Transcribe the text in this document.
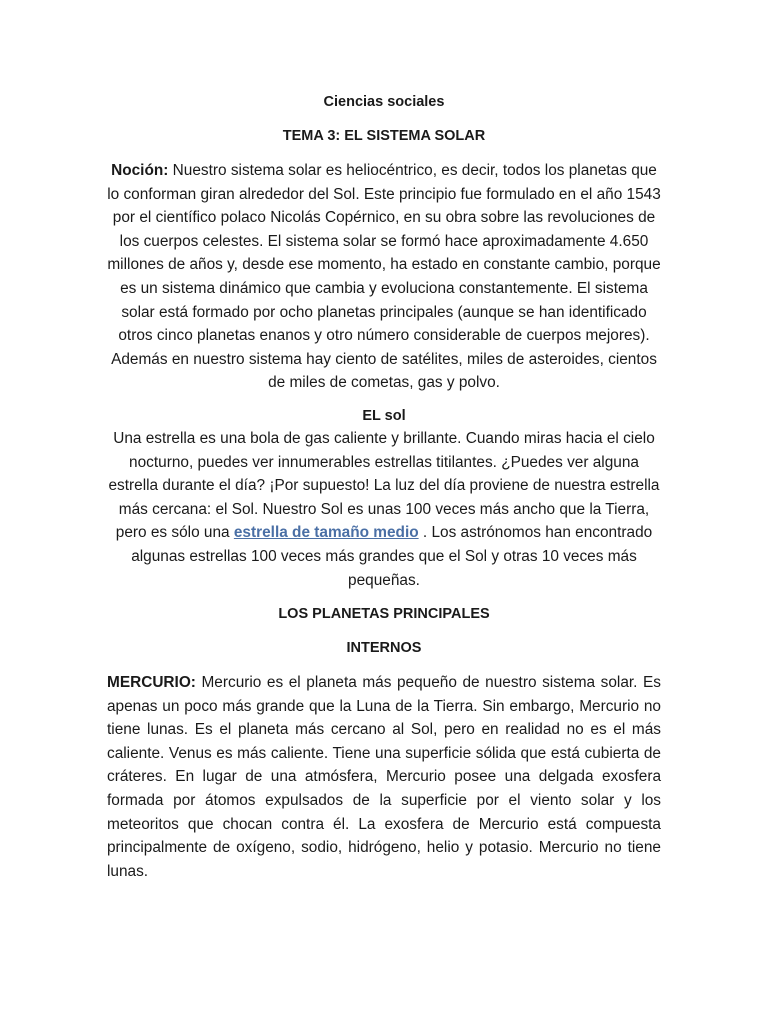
Ciencias sociales

TEMA 3: EL SISTEMA SOLAR

Noción: Nuestro sistema solar es heliocéntrico, es decir, todos los planetas que lo conforman giran alrededor del Sol. Este principio fue formulado en el año 1543 por el científico polaco Nicolás Copérnico, en su obra sobre las revoluciones de los cuerpos celestes. El sistema solar se formó hace aproximadamente 4.650 millones de años y, desde ese momento, ha estado en constante cambio, porque es un sistema dinámico que cambia y evoluciona constantemente. El sistema solar está formado por ocho planetas principales (aunque se han identificado otros cinco planetas enanos y otro número considerable de cuerpos mejores). Además en nuestro sistema hay ciento de satélites, miles de asteroides, cientos de miles de cometas, gas y polvo.

EL sol

Una estrella es una bola de gas caliente y brillante. Cuando miras hacia el cielo nocturno, puedes ver innumerables estrellas titilantes. ¿Puedes ver alguna estrella durante el día? ¡Por supuesto! La luz del día proviene de nuestra estrella más cercana: el Sol. Nuestro Sol es unas 100 veces más ancho que la Tierra, pero es sólo una estrella de tamaño medio . Los astrónomos han encontrado algunas estrellas 100 veces más grandes que el Sol y otras 10 veces más pequeñas.

LOS PLANETAS PRINCIPALES

INTERNOS

MERCURIO: Mercurio es el planeta más pequeño de nuestro sistema solar. Es apenas un poco más grande que la Luna de la Tierra. Sin embargo, Mercurio no tiene lunas. Es el planeta más cercano al Sol, pero en realidad no es el más caliente. Venus es más caliente. Tiene una superficie sólida que está cubierta de cráteres. En lugar de una atmósfera, Mercurio posee una delgada exosfera formada por átomos expulsados de la superficie por el viento solar y los meteoritos que chocan contra él. La exosfera de Mercurio está compuesta principalmente de oxígeno, sodio, hidrógeno, helio y potasio. Mercurio no tiene lunas.
